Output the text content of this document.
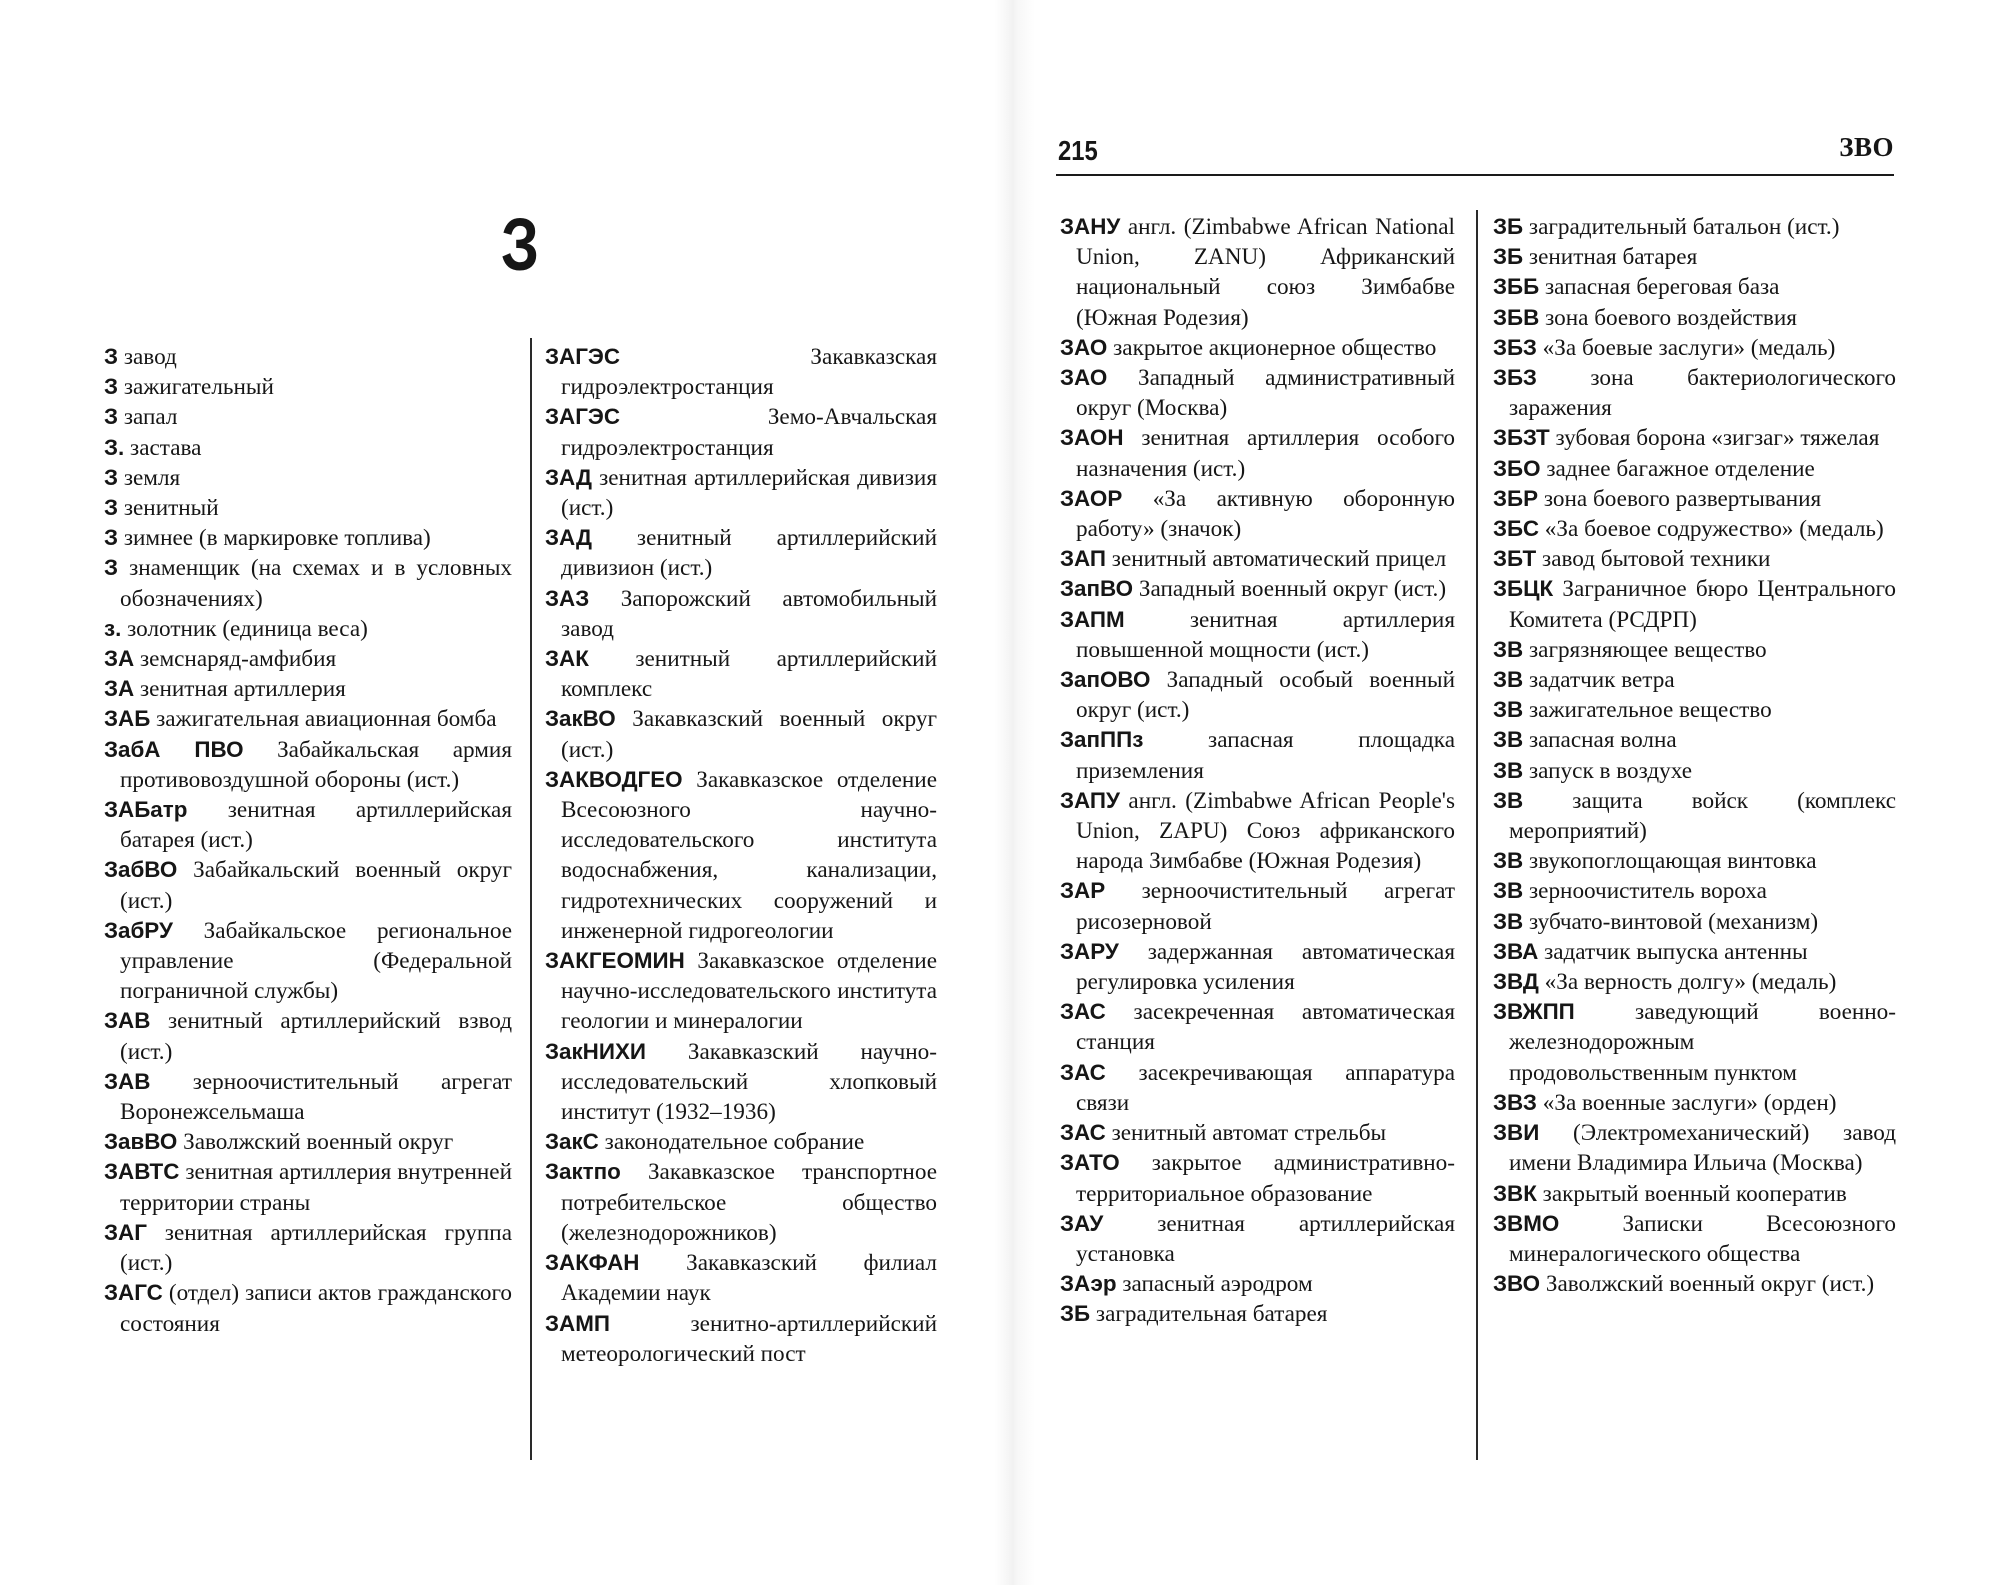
З

З завод

З зажигательный

З запал

З. застава

З земля

З зенитный

З зимнее (в маркировке топлива)

З знаменщик (на схемах и в условных обозначениях)

з. золотник (единица веса)

ЗА земснаряд-амфибия

ЗА зенитная артиллерия

ЗАБ зажигательная авиационная бомба

ЗабА ПВО Забайкальская армия противовоздушной обороны (ист.)

ЗАБатр зенитная артиллерийская батарея (ист.)

ЗабВО Забайкальский военный округ (ист.)

ЗабРУ Забайкальское региональное управление (Федеральной пограничной службы)

ЗАВ зенитный артиллерийский взвод (ист.)

ЗАВ зерноочистительный агрегат Воронежсельмаша

ЗавВО Заволжский военный округ

ЗАВТС зенитная артиллерия внутренней территории страны

ЗАГ зенитная артиллерийская группа (ист.)

ЗАГС (отдел) записи актов гражданского состояния

ЗАГЭС	Закавказская гидроэлектростанция

ЗАГЭС	Земо-Авчальская гидроэлектростанция

ЗАД зенитная артиллерийская дивизия (ист.)

ЗАД зенитный артиллерийский дивизион (ист.)

ЗАЗ Запорожский автомобильный завод

ЗАК зенитный артиллерийский комплекс

ЗакВО Закавказский военный округ (ист.)

ЗАКВОДГЕО Закавказское отделение Всесоюзного научно-исследовательского института водоснабжения, канализации, гидротехнических сооружений и инженерной гидрогеологии

ЗАКГЕОМИН Закавказское отделение научно-исследовательского института геологии и минералогии

ЗакНИХИ Закавказский научно-исследовательский хлопковый институт (1932–1936)

ЗакС законодательное собрание

Зактпо Закавказское транспортное потребительское общество (железнодорожников)

ЗАКФАН Закавказский филиал Академии наук

ЗАМП	зенитно-артиллерийский метеорологический пост

215	ЗВО

ЗАНУ англ. (Zimbabwe African National Union, ZANU) Африканский национальный союз Зимбабве (Южная Родезия)

ЗАО закрытое акционерное общество

ЗАО Западный административный округ (Москва)

ЗАОН зенитная артиллерия особого назначения (ист.)

ЗАОР «За активную оборонную работу» (значок)

ЗАП зенитный автоматический прицел

ЗапВО Западный военный округ (ист.)

ЗАПМ	зенитная артиллерия повышенной мощности (ист.)

ЗапОВО Западный особый военный округ (ист.)

ЗапППз	запасная площадка приземления

ЗАПУ англ. (Zimbabwe African People's Union, ZAPU) Союз африканского народа Зимбабве (Южная Родезия)

ЗАР зерноочистительный агрегат рисозерновой

ЗАРУ задержанная автоматическая регулировка усиления

ЗАС засекреченная автоматическая станция

ЗАС засекречивающая аппаратура связи

ЗАС зенитный автомат стрельбы

ЗАТО закрытое административно-территориальное образование

ЗАУ зенитная артиллерийская установка

ЗАэр запасный аэродром

ЗБ заградительная батарея

ЗБ заградительный батальон (ист.)

ЗБ зенитная батарея

ЗББ запасная береговая база

ЗБВ зона боевого воздействия

ЗБЗ «За боевые заслуги» (медаль)

ЗБЗ зона бактериологического заражения

ЗБЗТ зубовая борона «зигзаг» тяжелая

ЗБО заднее багажное отделение

ЗБР зона боевого развертывания

ЗБС «За боевое содружество» (медаль)

ЗБТ завод бытовой техники

ЗБЦК Заграничное бюро Центрального Комитета (РСДРП)

ЗВ загрязняющее вещество

ЗВ задатчик ветра

ЗВ зажигательное вещество

ЗВ запасная волна

ЗВ запуск в воздухе

ЗВ защита войск (комплекс мероприятий)

ЗВ звукопоглощающая винтовка

ЗВ зерноочиститель вороха

ЗВ зубчато-винтовой (механизм)

ЗВА задатчик выпуска антенны

ЗВД «За верность долгу» (медаль)

ЗВЖПП	заведующий военно-железнодорожным продовольственным пунктом

ЗВЗ «За военные заслуги» (орден)

ЗВИ (Электромеханический) завод имени Владимира Ильича (Москва)

ЗВК закрытый военный кооператив

ЗВМО	Записки Всесоюзного минералогического общества

ЗВО Заволжский военный округ (ист.)
